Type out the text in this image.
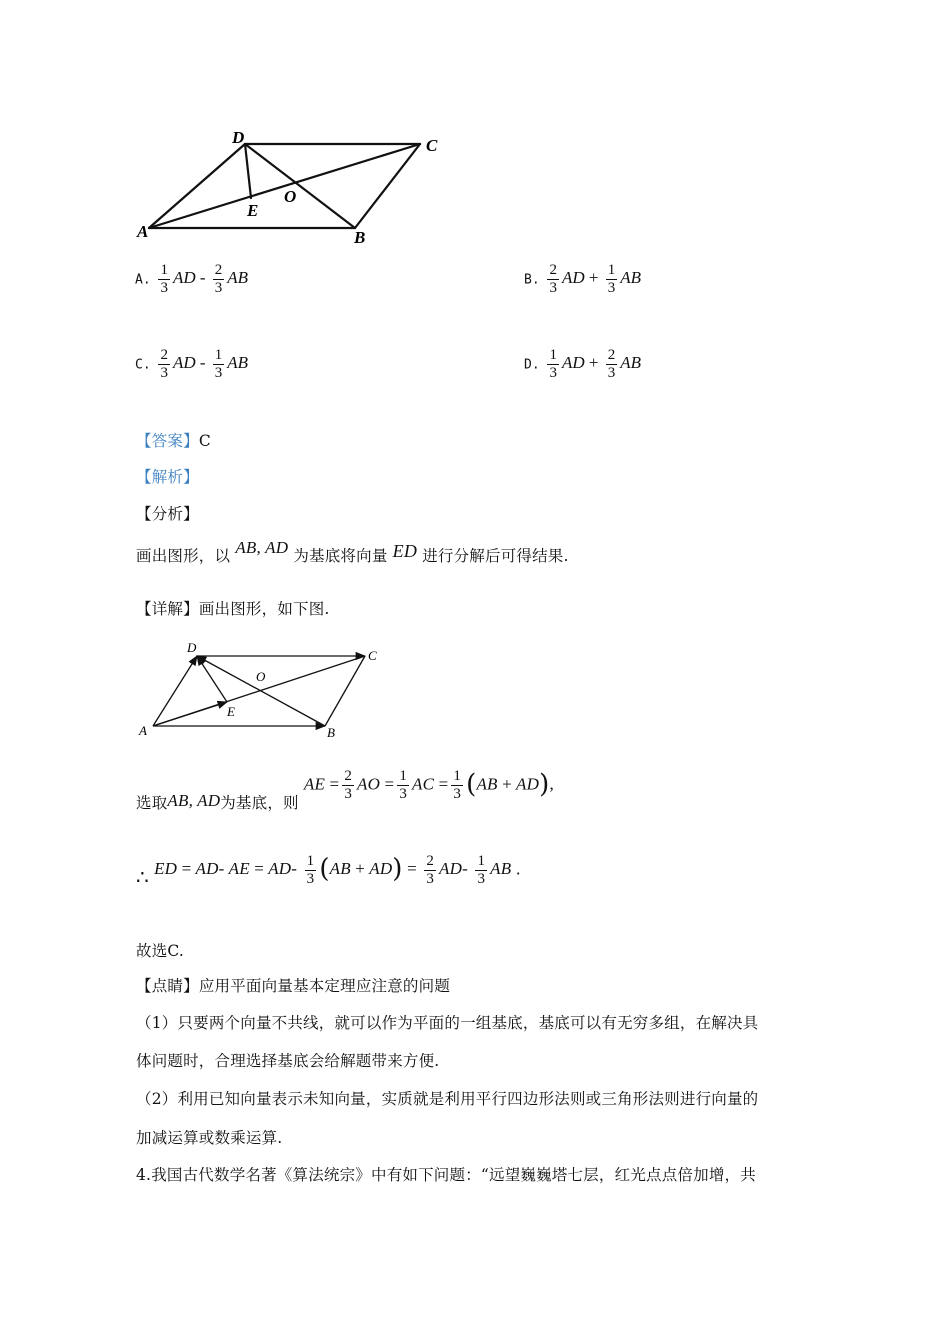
D	C
A	B
E
O
A. $\frac{1}{3}$ AD - $\frac{2}{3}$ AB	B. $\frac{2}{3}$ AD + $\frac{1}{3}$ AB
C. $\frac{2}{3}$ AD - $\frac{1}{3}$ AB	D. $\frac{1}{3}$ AD + $\frac{2}{3}$ AB
【答案】C
【解析】
【分析】
画出图形，以 AB, AD 为基底将向量 ED 进行分解后可得结果.
【详解】画出图形，如下图.
D
C
A	B
E
O
选取AB, AD为基底，则 AE = $\frac{2}{3}$ AO = $\frac{1}{3}$ AC = $\frac{1}{3} (AB + AD)$,
∴ ED = AD- AE = $AD- \frac{1}{3} (AB + AD) = \frac{2}{3} AD- \frac{1}{3}$ AB .
故选C.
【点睛】应用平面向量基本定理应注意的问题
（1）只要两个向量不共线，就可以作为平面的一组基底，基底可以有无穷多组，在解决具
体问题时，合理选择基底会给解题带来方便.
（2）利用已知向量表示未知向量，实质就是利用平行四边形法则或三角形法则进行向量的
加减运算或数乘运算.
4.我国古代数学名著《算法统宗》中有如下问题：“远望巍巍塔七层，红光点点倍加增，共
